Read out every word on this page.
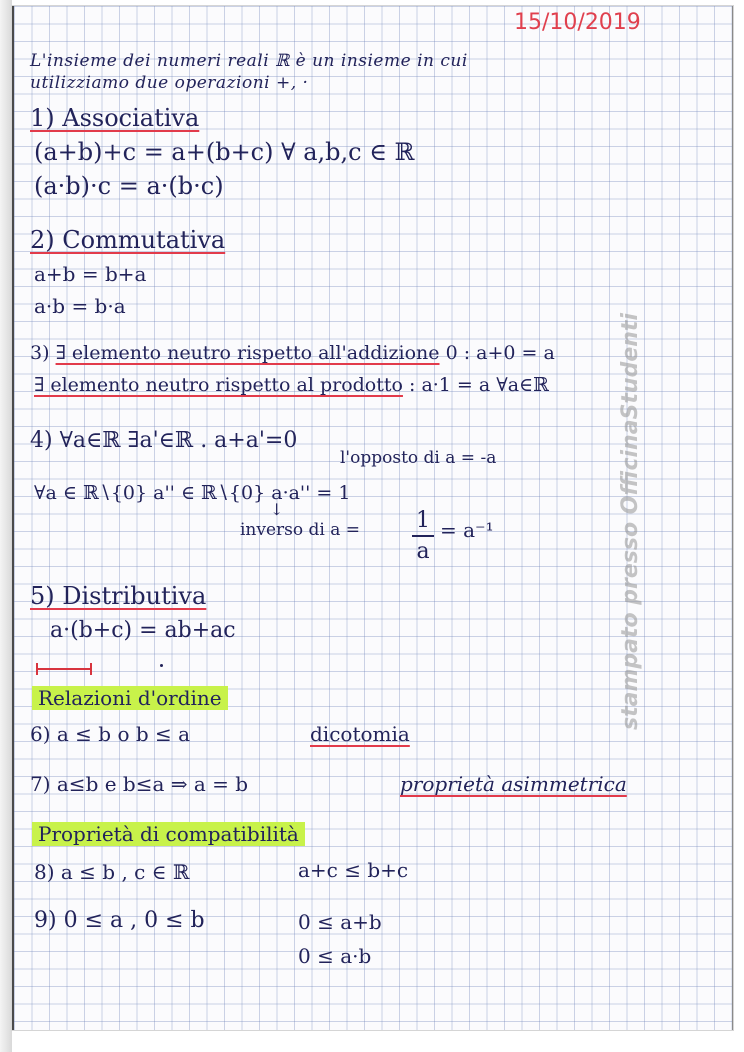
15/10/2019
L'insieme dei numeri reali ℝ è un insieme in cui
utilizziamo due operazioni +, ·
1) Associativa
(a+b)+c = a+(b+c) ∀ a,b,c ∈ ℝ
(a·b)·c = a·(b·c)
2) Commutativa
a+b = b+a
a·b = b·a
3) ∃ elemento neutro rispetto all'addizione 0 : a+0 = a
∃ elemento neutro rispetto al prodotto : a·1 = a ∀a∈ℝ
4) ∀a∈ℝ ∃a'∈ℝ . a+a'=0
l'opposto di a = -a
∀a ∈ ℝ∖{0} a'' ∈ ℝ∖{0} a·a'' = 1
↓
inverso di a =	1
a
= a⁻¹
5) Distributiva
a·(b+c) = ab+ac
Relazioni d'ordine
6) a ≤ b o b ≤ a	dicotomia
7) a≤b e b≤a ⇒ a = b	proprietà asimmetrica
Proprietà di compatibilità
8) a ≤ b , c ∈ ℝ	a+c ≤ b+c
9) 0 ≤ a , 0 ≤ b	0 ≤ a+b
0 ≤ a·b
stampato presso OfficinaStudenti
